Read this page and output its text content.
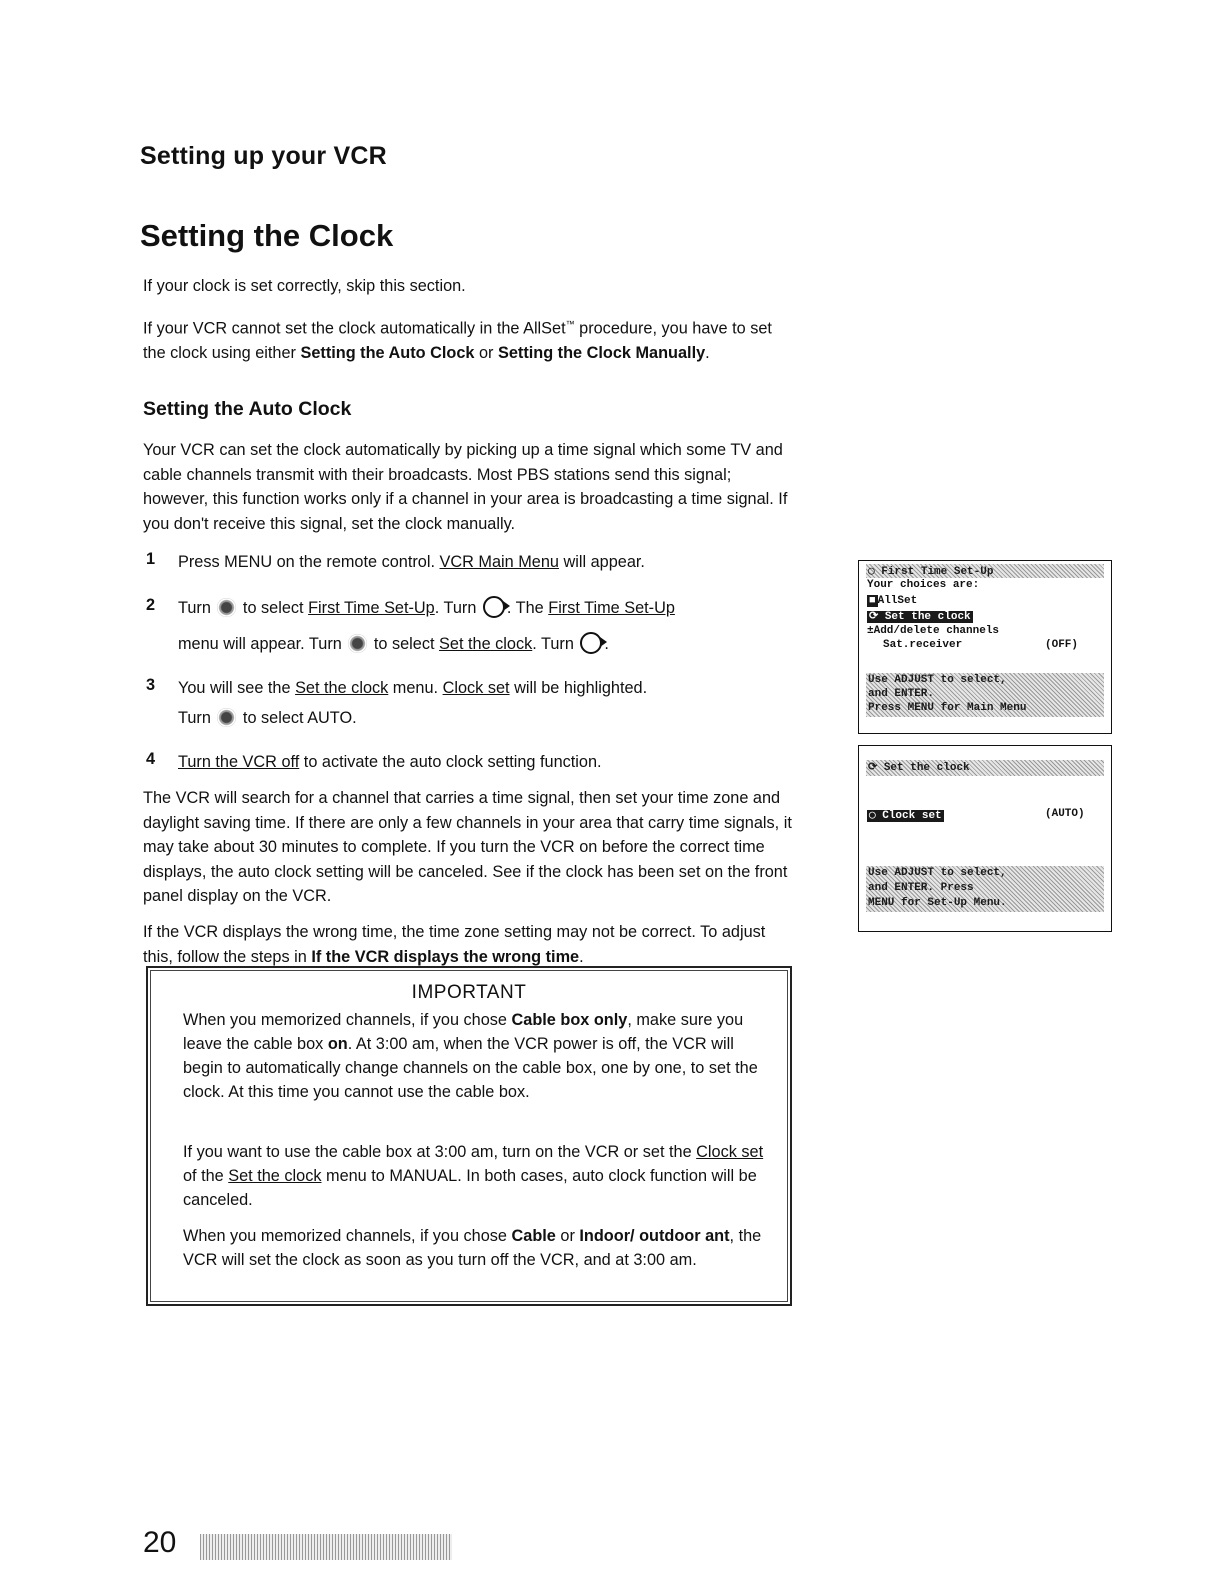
Setting up your VCR
Setting the Clock

If your clock is set correctly, skip this section.

If your VCR cannot set the clock automatically in the AllSet™ procedure, you have to set the clock using either Setting the Auto Clock or Setting the Clock Manually.

Setting the Auto Clock

Your VCR can set the clock automatically by picking up a time signal which some TV and cable channels transmit with their broadcasts. Most PBS stations send this signal; however, this function works only if a channel in your area is broadcasting a time signal. If you don't receive this signal, set the clock manually.

1 Press MENU on the remote control. VCR Main Menu will appear.
2 Turn  to select First Time Set-Up. Turn . The First Time Set-Up
menu will appear. Turn  to select Set the clock. Turn .
3 You will see the Set the clock menu. Clock set will be highlighted.
Turn  to select AUTO.
4 Turn the VCR off to activate the auto clock setting function.

The VCR will search for a channel that carries a time signal, then set your time zone and daylight saving time. If there are only a few channels in your area that carry time signals, it may take about 30 minutes to complete. If you turn the VCR on before the correct time displays, the auto clock setting will be canceled. See if the clock has been set on the front panel display on the VCR.

If the VCR displays the wrong time, the time zone setting may not be correct. To adjust this, follow the steps in If the VCR displays the wrong time.

IMPORTANT

When you memorized channels, if you chose Cable box only, make sure you leave the cable box on. At 3:00 am, when the VCR power is off, the VCR will begin to automatically change channels on the cable box, one by one, to set the clock. At this time you cannot use the cable box.

If you want to use the cable box at 3:00 am, turn on the VCR or set the Clock set of the Set the clock menu to MANUAL. In both cases, auto clock function will be canceled.

When you memorized channels, if you chose Cable or Indoor/ outdoor ant, the VCR will set the clock as soon as you turn off the VCR, and at 3:00 am.

◯ First Time Set-Up
Your choices are:
■ AllSet
⟳ Set the clock
±Add/delete channels
Sat.receiver	(OFF)
Use ADJUST to select,
and ENTER.
Press MENU for Main Menu
⟳ Set the clock
◯ Clock set	(AUTO)
Use ADJUST to select,
and ENTER. Press
MENU for Set-Up Menu.
20
